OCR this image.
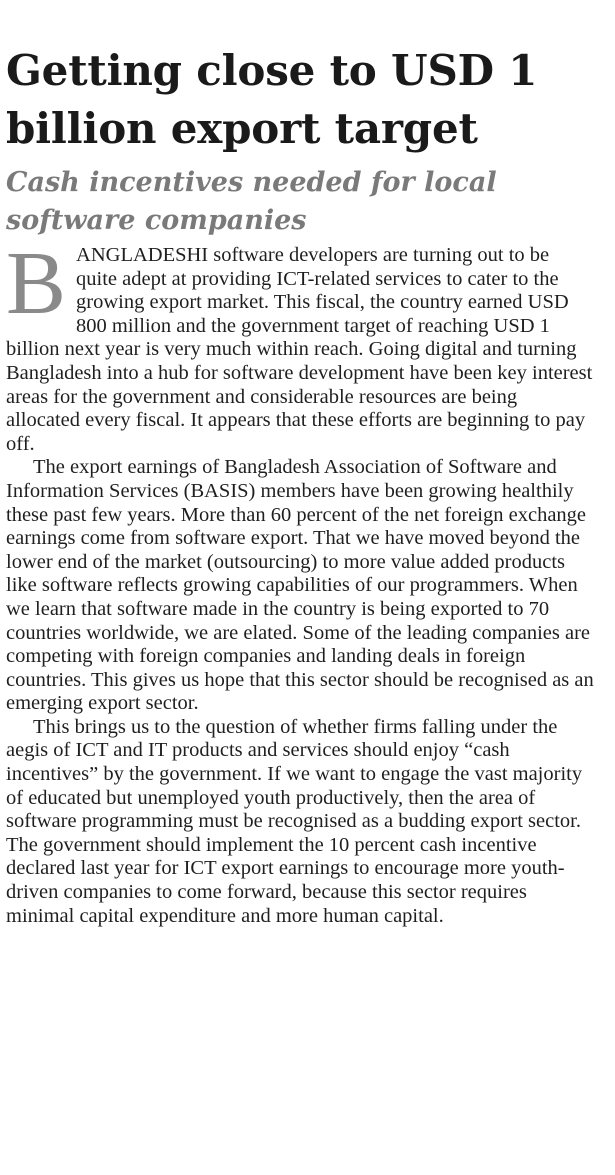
Getting close to USD 1 billion export target
Cash incentives needed for local software companies

BANGLADESHI software developers are turning out to be quite adept at providing ICT-related services to cater to the growing export market. This fiscal, the country earned USD 800 million and the government target of reaching USD 1 billion next year is very much within reach. Going digital and turning Bangladesh into a hub for software development have been key interest areas for the government and considerable resources are being allocated every fiscal. It appears that these efforts are beginning to pay off.

The export earnings of Bangladesh Association of Software and Information Services (BASIS) members have been growing healthily these past few years. More than 60 percent of the net foreign exchange earnings come from software export. That we have moved beyond the lower end of the market (outsourcing) to more value added products like software reflects growing capabilities of our programmers. When we learn that software made in the country is being exported to 70 countries worldwide, we are elated. Some of the leading companies are competing with foreign companies and landing deals in foreign countries. This gives us hope that this sector should be recognised as an emerging export sector.

This brings us to the question of whether firms falling under the aegis of ICT and IT products and services should enjoy “cash incentives” by the government. If we want to engage the vast majority of educated but unemployed youth productively, then the area of software programming must be recognised as a budding export sector. The government should implement the 10 percent cash incentive declared last year for ICT export earnings to encourage more youth-driven companies to come forward, because this sector requires minimal capital expenditure and more human capital.
